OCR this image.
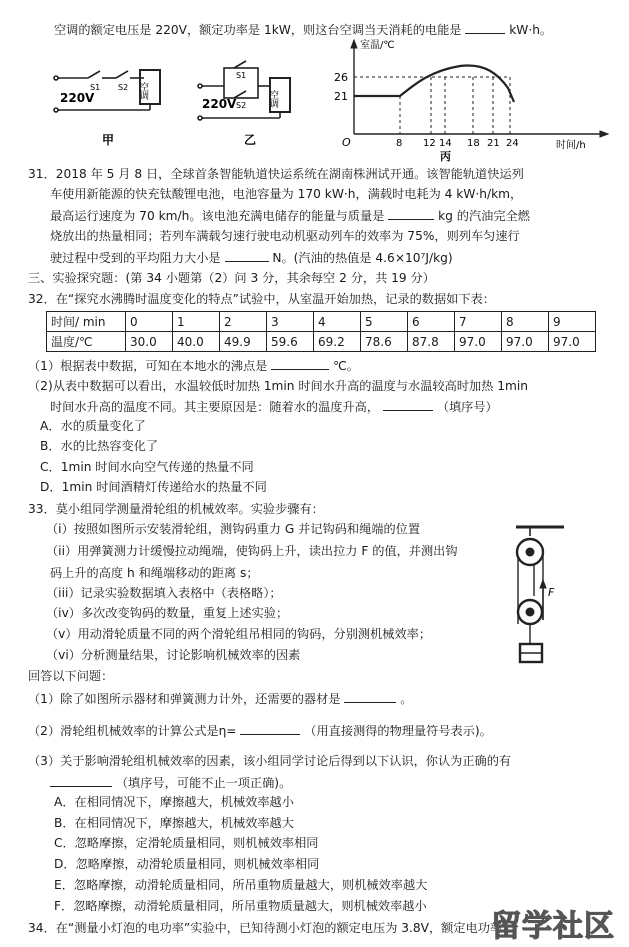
空调的额定电压是 220V，额定功率是 1kW，则这台空调当天消耗的电能是	kW·h。
S1 S2 空调
220V
甲
S1
S2 空调
220V
乙
室温/℃
时间/h
O
26
21
8 12 14 18 21 24
丙
31．2018 年 5 月 8 日，全球首条智能轨道快运系统在湖南株洲试开通。该智能轨道快运列
车使用新能源的快充钛酸锂电池，电池容量为 170 kW·h，满载时电耗为 4 kW·h/km，
最高运行速度为 70 km/h。该电池充满电储存的能量与质量是	kg 的汽油完全燃
烧放出的热量相同；若列车满载匀速行驶电动机驱动列车的效率为 75%，则列车匀速行
驶过程中受到的平均阻力大小是	N。(汽油的热值是 4.6×10⁷J/kg)
三、实验探究题：(第 34 小题第（2）问 3 分，其余每空 2 分，共 19 分）
32．在“探究水沸腾时温度变化的特点”试验中，从室温开始加热，记录的数据如下表：
时间/ min	0	1	2	3	4	5	6	7	8	9
温度/℃	30.0	40.0	49.9	59.6	69.2	78.6	87.8	97.0	97.0	97.0
（1）根据表中数据，可知在本地水的沸点是	℃。
（2)从表中数据可以看出，水温较低时加热 1min 时间水升高的温度与水温较高时加热 1min
时间水升高的温度不同。其主要原因是：随着水的温度升高，	（填序号）
A．水的质量变化了
B．水的比热容变化了
C．1min 时间水向空气传递的热量不同
D．1min 时间酒精灯传递给水的热量不同
33．莫小组同学测量滑轮组的机械效率。实验步骤有：
（i）按照如图所示安装滑轮组，测钩码重力 G 并记钩码和绳端的位置
（ii）用弹簧测力计缓慢拉动绳端，使钩码上升，读出拉力 F 的值，并测出钩
码上升的高度 h 和绳端移动的距离 s；
（iii）记录实验数据填入表格中（表格略）；
（iv）多次改变钩码的数量，重复上述实验；
（v）用动滑轮质量不同的两个滑轮组吊相同的钩码，分别测机械效率；
（vi）分析测量结果，讨论影响机械效率的因素
F
回答以下问题：
（1）除了如图所示器材和弹簧测力计外，还需要的器材是	。
（2）滑轮组机械效率的计算公式是η=	（用直接测得的物理量符号表示)。
（3）关于影响滑轮组机械效率的因素，该小组同学讨论后得到以下认识，你认为正确的有
（填序号，可能不止一项正确)。
A．在相同情况下，摩擦越大，机械效率越小
B．在相同情况下，摩擦越大，机械效率越大
C．忽略摩擦，定滑轮质量相同，则机械效率相同
D．忽略摩擦，动滑轮质量相同，则机械效率相同
E．忽略摩擦，动滑轮质量相同，所吊重物质量越大，则机械效率越大
F．忽略摩擦，动滑轮质量相同，所吊重物质量越大，则机械效率越小
34．在“测量小灯泡的电功率”实验中，已知待测小灯泡的额定电压为 3.8V，额定电功率
留学社区
